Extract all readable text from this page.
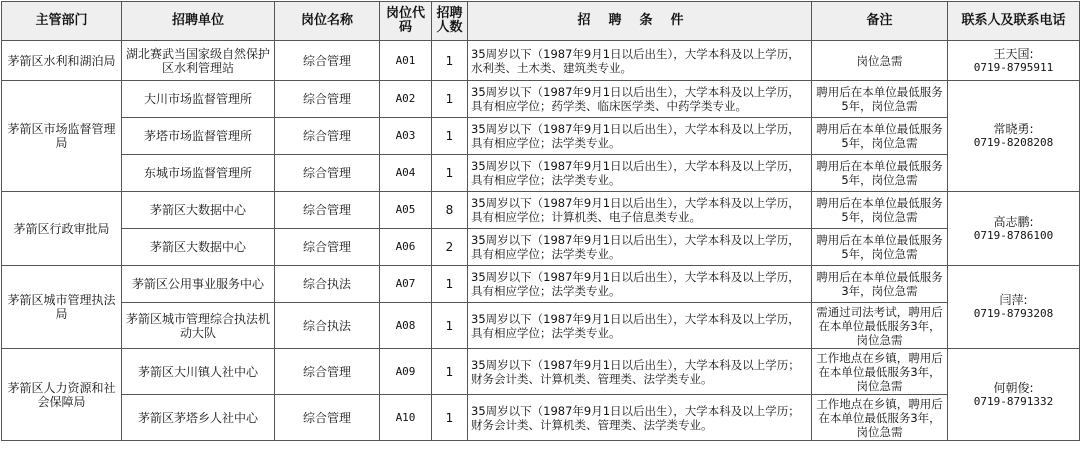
主管部门	招聘单位	岗位名称	岗位代码	招聘人数	招聘条件	备注	联系人及联系电话
茅箭区水利和湖泊局	湖北赛武当国家级自然保护区水利管理站	综合管理	A01	1	35周岁以下（1987年9月1日以后出生），大学本科及以上学历，水利类、土木类、建筑类专业。	岗位急需	王天国:
0719-8795911

茅箭区市场监督管理局	大川市场监督管理所	综合管理	A02	1	35周岁以下（1987年9月1日以后出生），大学本科及以上学历，具有相应学位；药学类、临床医学类、中药学类专业。	聘用后在本单位最低服务5年，岗位急需	常晓勇:
0719-8208208

	茅塔市场监督管理所	综合管理	A03	1	35周岁以下（1987年9月1日以后出生），大学本科及以上学历，具有相应学位；法学类专业。	聘用后在本单位最低服务5年，岗位急需	
	东城市场监督管理所	综合管理	A04	1	35周岁以下（1987年9月1日以后出生），大学本科及以上学历，具有相应学位；法学类专业。	聘用后在本单位最低服务5年，岗位急需	
茅箭区行政审批局	茅箭区大数据中心	综合管理	A05	8	35周岁以下（1987年9月1日以后出生），大学本科及以上学历，具有相应学位；计算机类、电子信息类专业。	聘用后在本单位最低服务5年，岗位急需	高志鹏:
0719-8786100

	茅箭区大数据中心	综合管理	A06	2	35周岁以下（1987年9月1日以后出生），大学本科及以上学历，具有相应学位；法学类专业。	聘用后在本单位最低服务5年，岗位急需	
茅箭区城市管理执法局	茅箭区公用事业服务中心	综合执法	A07	1	35周岁以下（1987年9月1日以后出生），大学本科及以上学历，具有相应学位；法学类专业。	聘用后在本单位最低服务3年，岗位急需	闫萍:
0719-8793208

	茅箭区城市管理综合执法机动大队	综合执法	A08	1	35周岁以下（1987年9月1日以后出生），大学本科及以上学历，具有相应学位；法学类专业。	需通过司法考试，聘用后在本单位最低服务3年，岗位急需	
茅箭区人力资源和社会保障局	茅箭区大川镇人社中心	综合管理	A09	1	35周岁以下（1987年9月1日以后出生），大学本科及以上学历；财务会计类、计算机类、管理类、法学类专业。	工作地点在乡镇，聘用后在本单位最低服务3年，岗位急需	何朝俊:
0719-8791332

	茅箭区茅塔乡人社中心	综合管理	A10	1	35周岁以下（1987年9月1日以后出生），大学本科及以上学历；财务会计类、计算机类、管理类、法学类专业。	工作地点在乡镇，聘用后在本单位最低服务3年，岗位急需	
